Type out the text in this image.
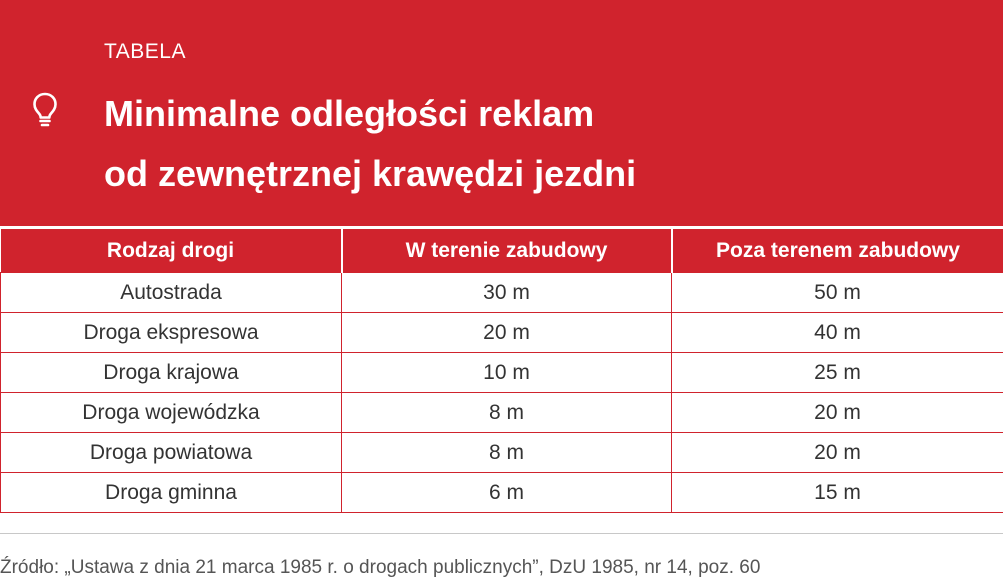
TABELA
Minimalne odległości reklam
od zewnętrznej krawędzi jezdni
Rodzaj drogi	W terenie zabudowy	Poza terenem zabudowy
Autostrada	30 m	50 m
Droga ekspresowa	20 m	40 m
Droga krajowa	10 m	25 m
Droga wojewódzka	8 m	20 m
Droga powiatowa	8 m	20 m
Droga gminna	6 m	15 m
Źródło: „Ustawa z dnia 21 marca 1985 r. o drogach publicznych”, DzU 1985, nr 14, poz. 60
